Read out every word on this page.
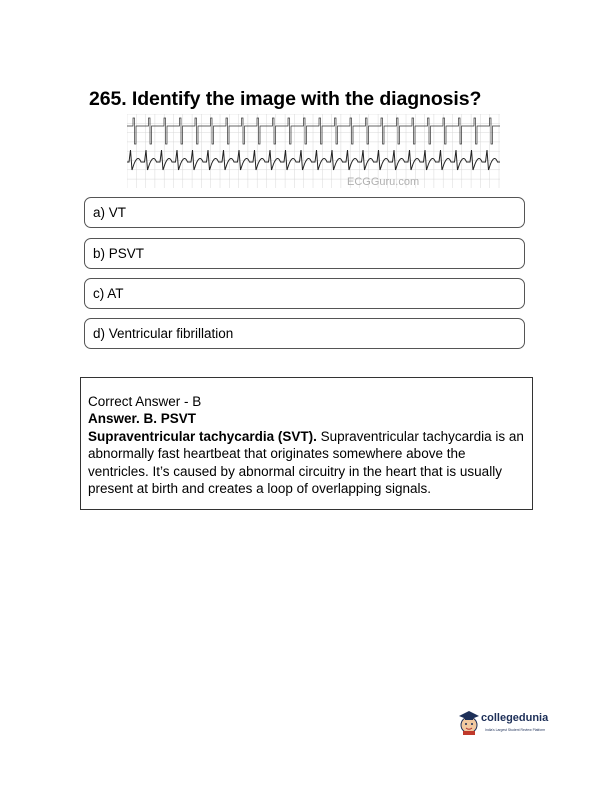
265. Identify the image with the diagnosis?
ECGGuru.com
a) VT
b) PSVT
c) AT
d) Ventricular fibrillation
Correct Answer - B
Answer. B. PSVT
Supraventricular tachycardia (SVT). Supraventricular tachycardia is an abnormally fast heartbeat that originates somewhere above the ventricles. It’s caused by abnormal circuitry in the heart that is usually present at birth and creates a loop of overlapping signals.
collegedunia
India's Largest Student Review Platform
